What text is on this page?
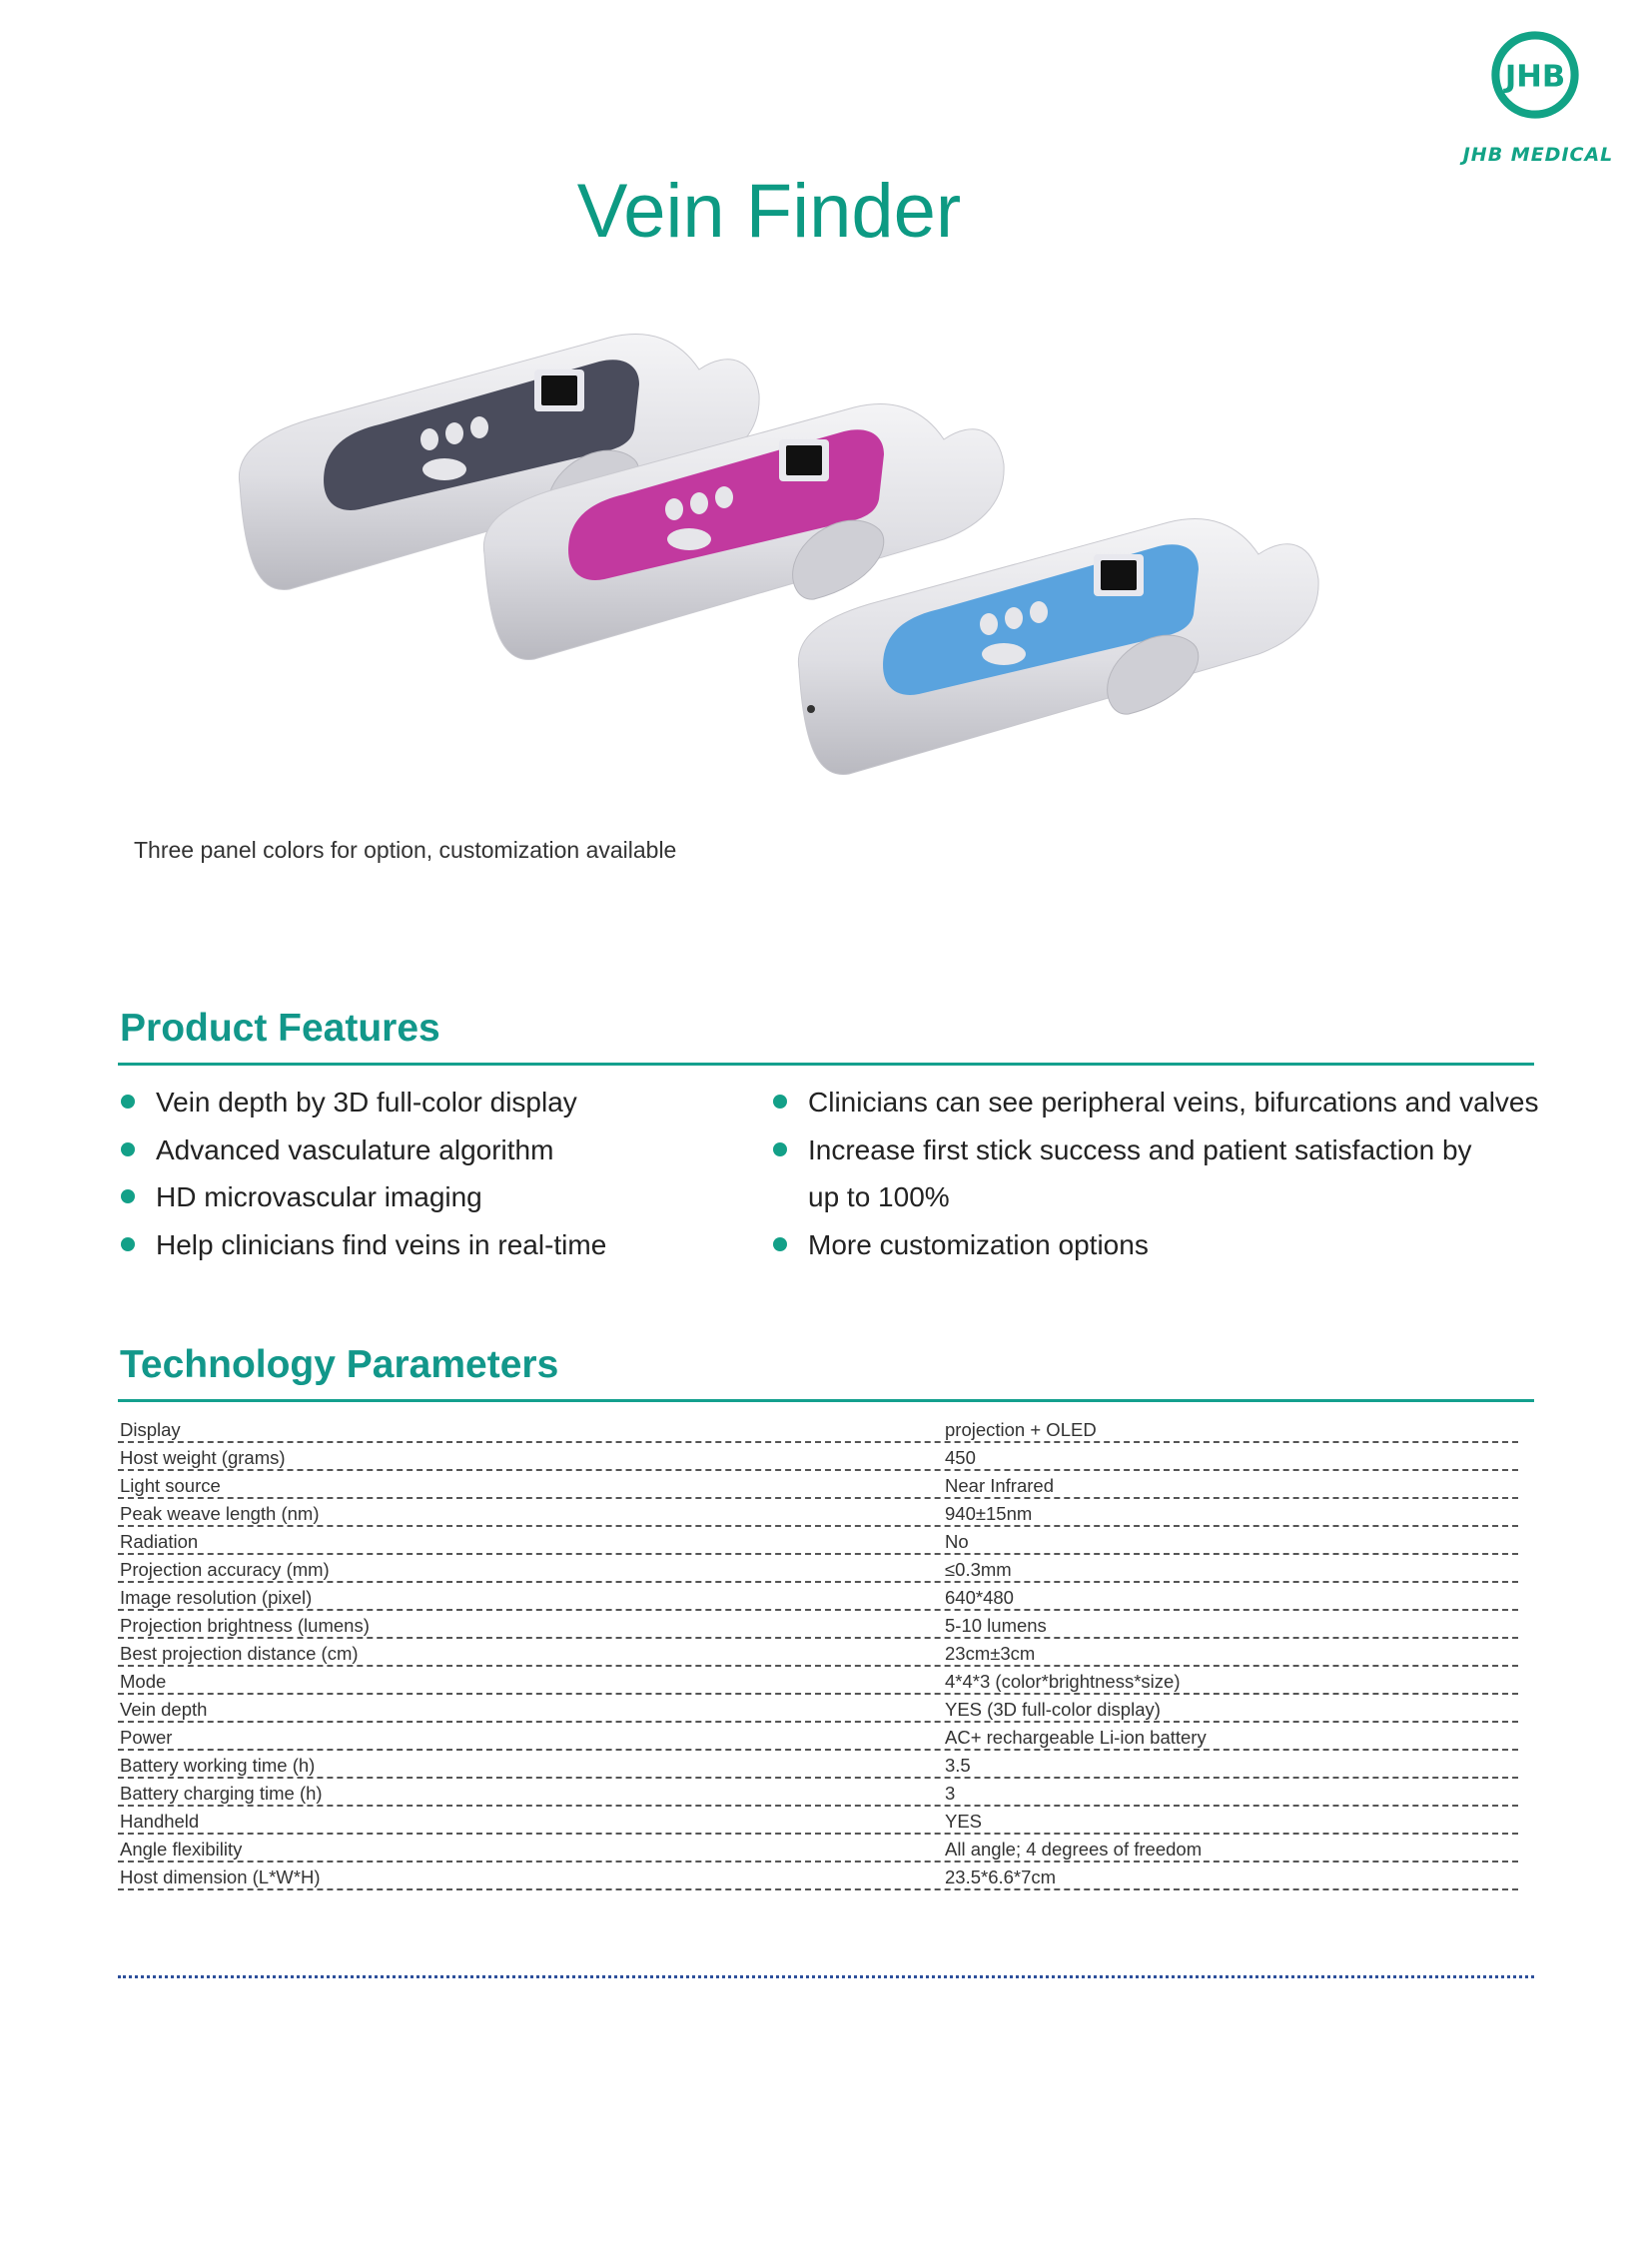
JHB
JHB MEDICAL
Vein Finder
Three panel colors for option, customization available
Product Features
Vein depth by 3D full-color display
Advanced vasculature algorithm
HD microvascular imaging
Help clinicians find veins in real-time
Clinicians can see peripheral veins, bifurcations and valves
Increase first stick success and patient satisfaction by
up to 100%
More customization options
Technology Parameters
Display	projection + OLED
Host weight (grams)	450
Light source	Near Infrared
Peak weave length (nm)	940±15nm
Radiation	No
Projection accuracy (mm)	≤0.3mm
Image resolution (pixel)	640*480
Projection brightness (lumens)	5-10 lumens
Best projection distance (cm)	23cm±3cm
Mode	4*4*3 (color*brightness*size)
Vein depth	YES (3D full-color display)
Power	AC+ rechargeable Li-ion battery
Battery working time (h)	3.5
Battery charging time (h)	3
Handheld	YES
Angle flexibility	All angle; 4 degrees of freedom
Host dimension (L*W*H)	23.5*6.6*7cm
